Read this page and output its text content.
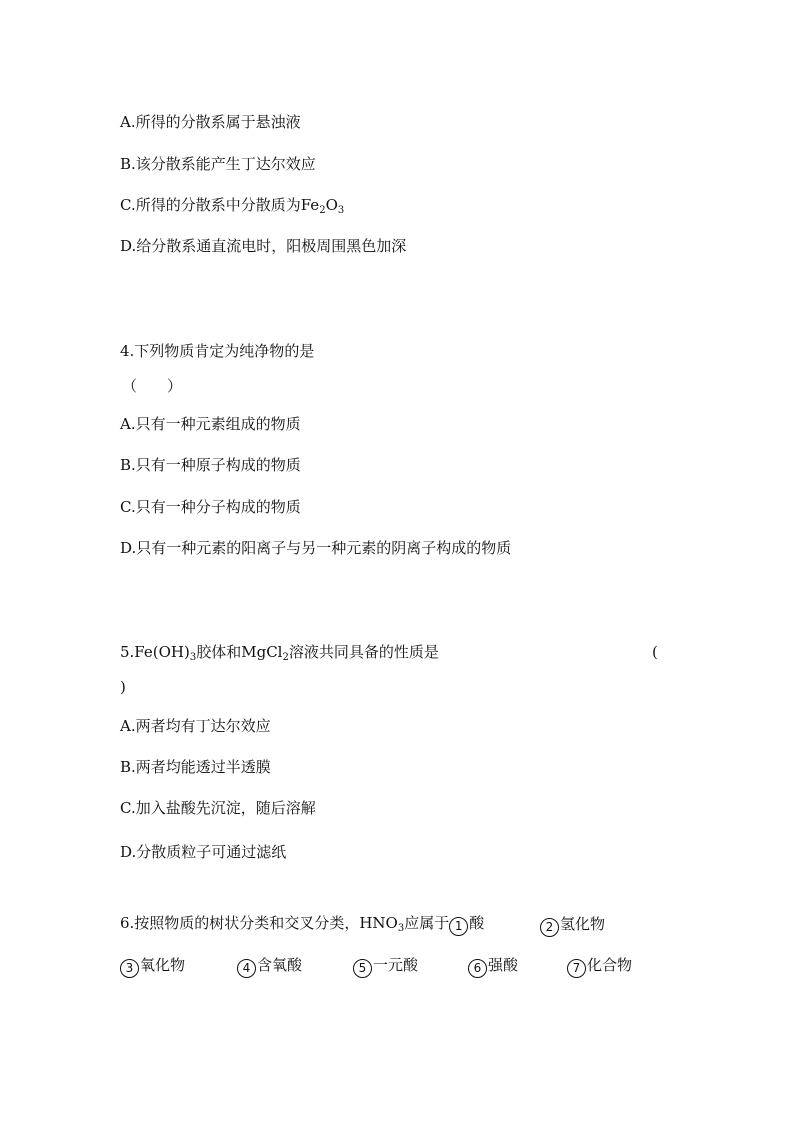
A.所得的分散系属于悬浊液
B.该分散系能产生丁达尔效应
C.所得的分散系中分散质为$Fe_2O_3$
D.给分散系通直流电时，阳极周围黑色加深
4.下列物质肯定为纯净物的是
（　　）
A.只有一种元素组成的物质
B.只有一种原子构成的物质
C.只有一种分子构成的物质
D.只有一种元素的阳离子与另一种元素的阴离子构成的物质
$5.Fe(OH)_3$胶体和MgCl$_2$溶液共同具备的性质是	(
)
A.两者均有丁达尔效应
B.两者均能透过半透膜
C.加入盐酸先沉淀，随后溶解
D.分散质粒子可通过滤纸
6.按照物质的树状分类和交叉分类，$HNO_3$应属于 1 酸	2 氢化物
3 氧化物	4 含氧酸	5 一元酸	6 强酸	7 化合物
